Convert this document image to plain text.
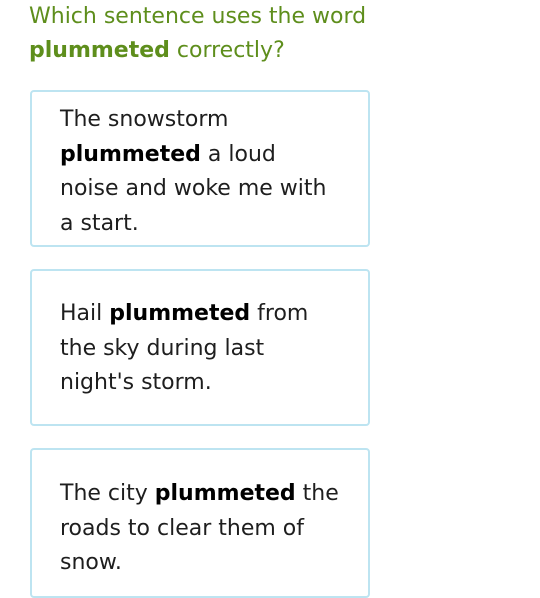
Which sentence uses the word plummeted correctly?
The snowstorm plummeted a loud noise and woke me with a start.
Hail plummeted from the sky during last night's storm.
The city plummeted the roads to clear them of snow.
